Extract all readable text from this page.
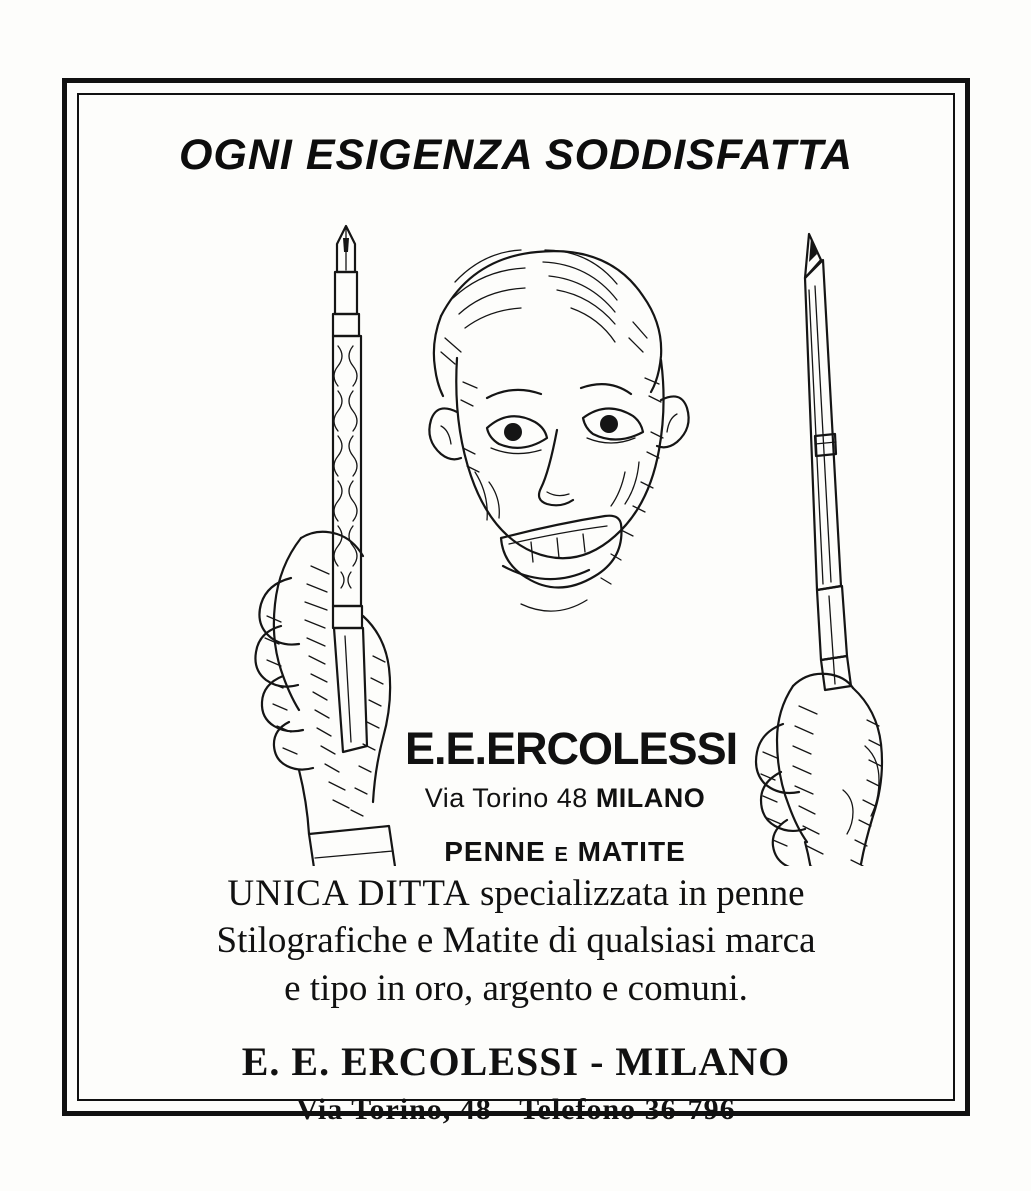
OGNI ESIGENZA SODDISFATTA
E.E.ERCOLESSI
Via Torino 48 MILANO
PENNE E MATITE
UNICA DITTA specializzata in penne
Stilografiche e Matite di qualsiasi marca
e tipo in oro, argento e comuni.
E. E. ERCOLESSI - MILANO
Via Torino, 48 - Telefono 36-796
